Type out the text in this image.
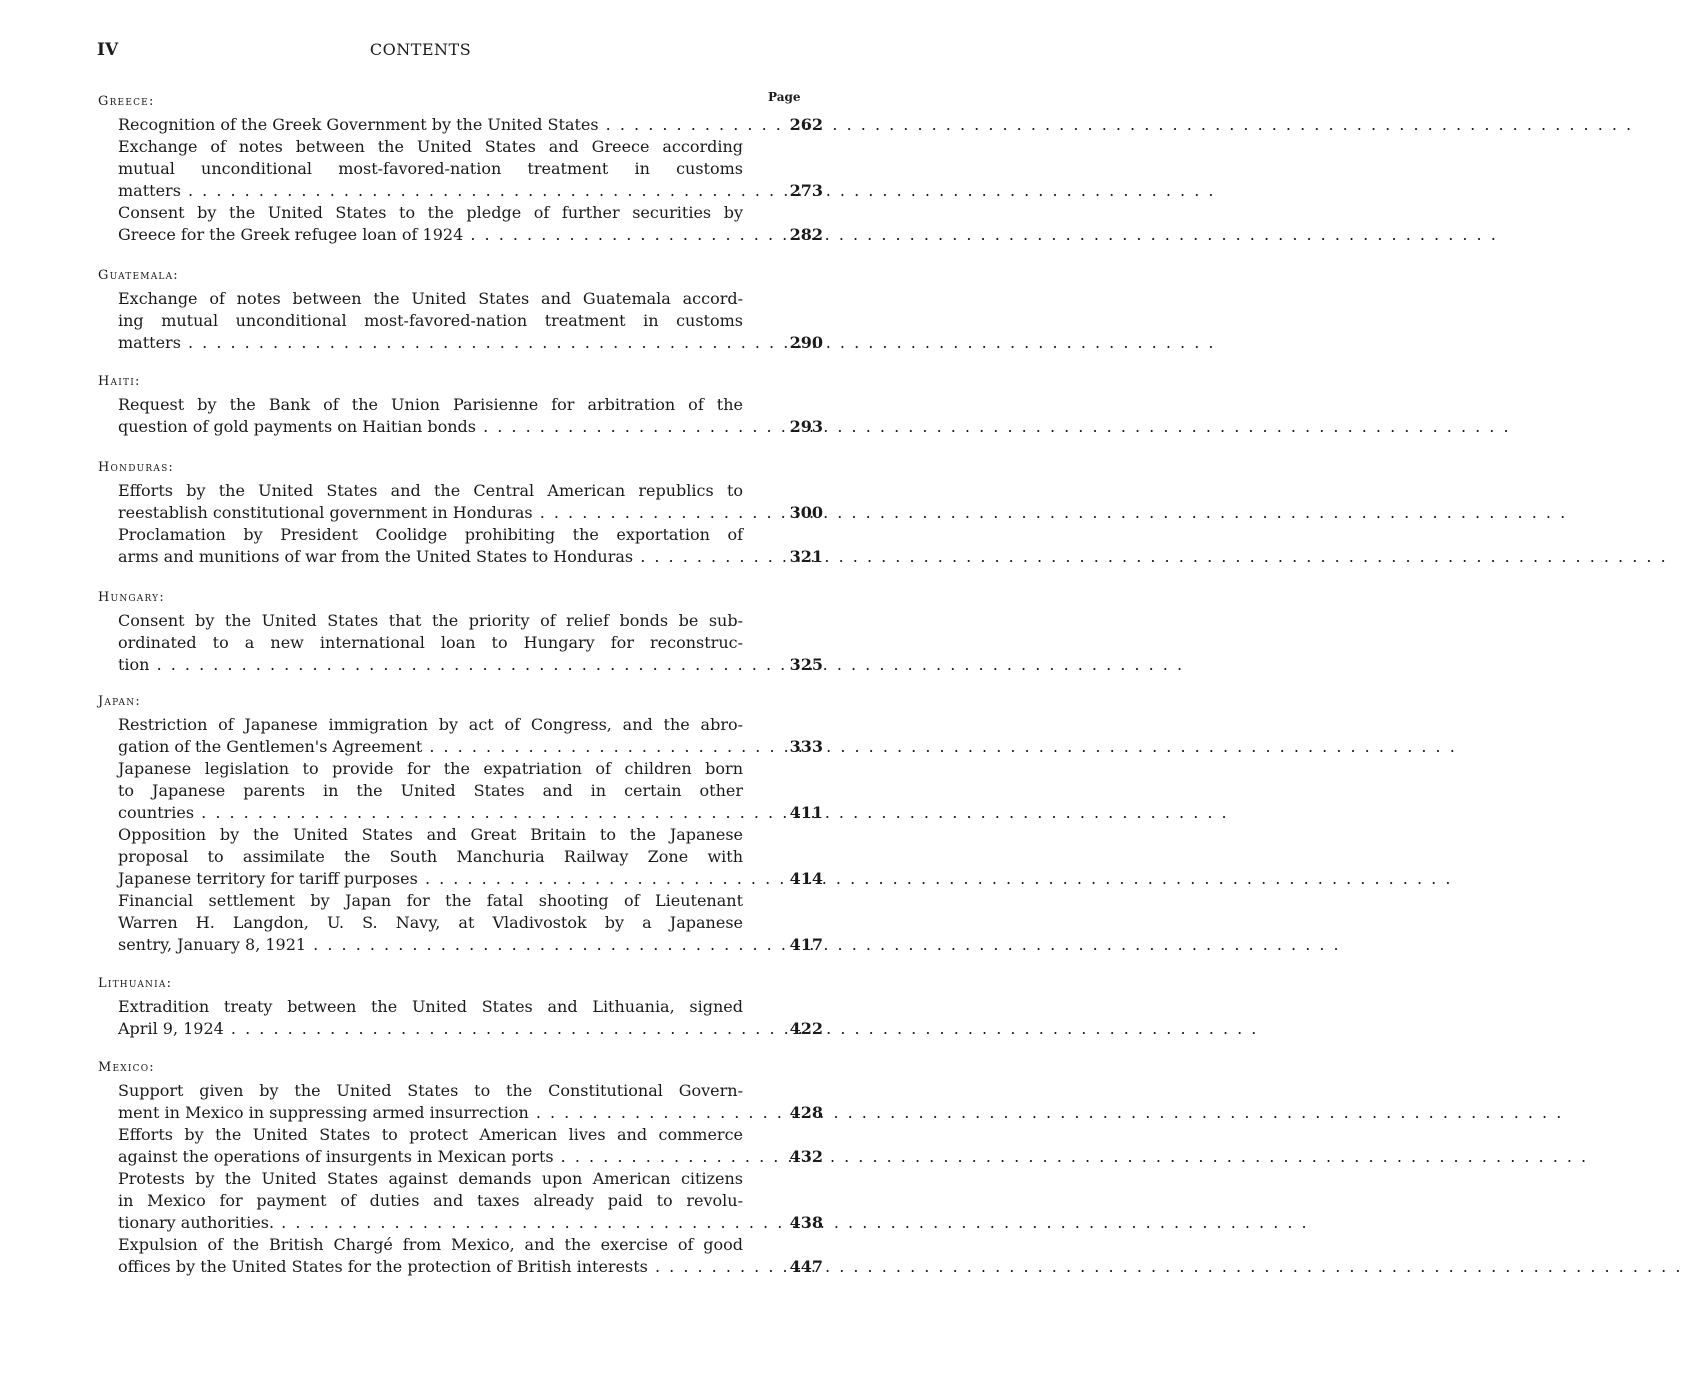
IV	CONTENTS
Page
Greece:
Recognition of the Greek Government by the United States . . .	262
Exchange of notes between the United States and Greece according
mutual unconditional most-favored-nation treatment in customs
matters . . .	273
Consent by the United States to the pledge of further securities by
Greece for the Greek refugee loan of 1924 . . .	282
Guatemala:
Exchange of notes between the United States and Guatemala accord-
ing mutual unconditional most-favored-nation treatment in customs
matters . . .	290
Haiti:
Request by the Bank of the Union Parisienne for arbitration of the
question of gold payments on Haitian bonds . . .	293
Honduras:
Efforts by the United States and the Central American republics to
reestablish constitutional government in Honduras . . .	300
Proclamation by President Coolidge prohibiting the exportation of
arms and munitions of war from the United States to Honduras . . .	321
Hungary:
Consent by the United States that the priority of relief bonds be sub-
ordinated to a new international loan to Hungary for reconstruc-
tion . . .	325
Japan:
Restriction of Japanese immigration by act of Congress, and the abro-
gation of the Gentlemen's Agreement . . .	333
Japanese legislation to provide for the expatriation of children born
to Japanese parents in the United States and in certain other
countries . . .	411
Opposition by the United States and Great Britain to the Japanese
proposal to assimilate the South Manchuria Railway Zone with
Japanese territory for tariff purposes . . .	414
Financial settlement by Japan for the fatal shooting of Lieutenant
Warren H. Langdon, U. S. Navy, at Vladivostok by a Japanese
sentry, January 8, 1921 . . .	417
Lithuania:
Extradition treaty between the United States and Lithuania, signed
April 9, 1924 . . .	422
Mexico:
Support given by the United States to the Constitutional Govern-
ment in Mexico in suppressing armed insurrection . . .	428
Efforts by the United States to protect American lives and commerce
against the operations of insurgents in Mexican ports . . .	432
Protests by the United States against demands upon American citizens
in Mexico for payment of duties and taxes already paid to revolu-
tionary authorities. . . .	438
Expulsion of the British Chargé from Mexico, and the exercise of good
offices by the United States for the protection of British interests . . .	447
